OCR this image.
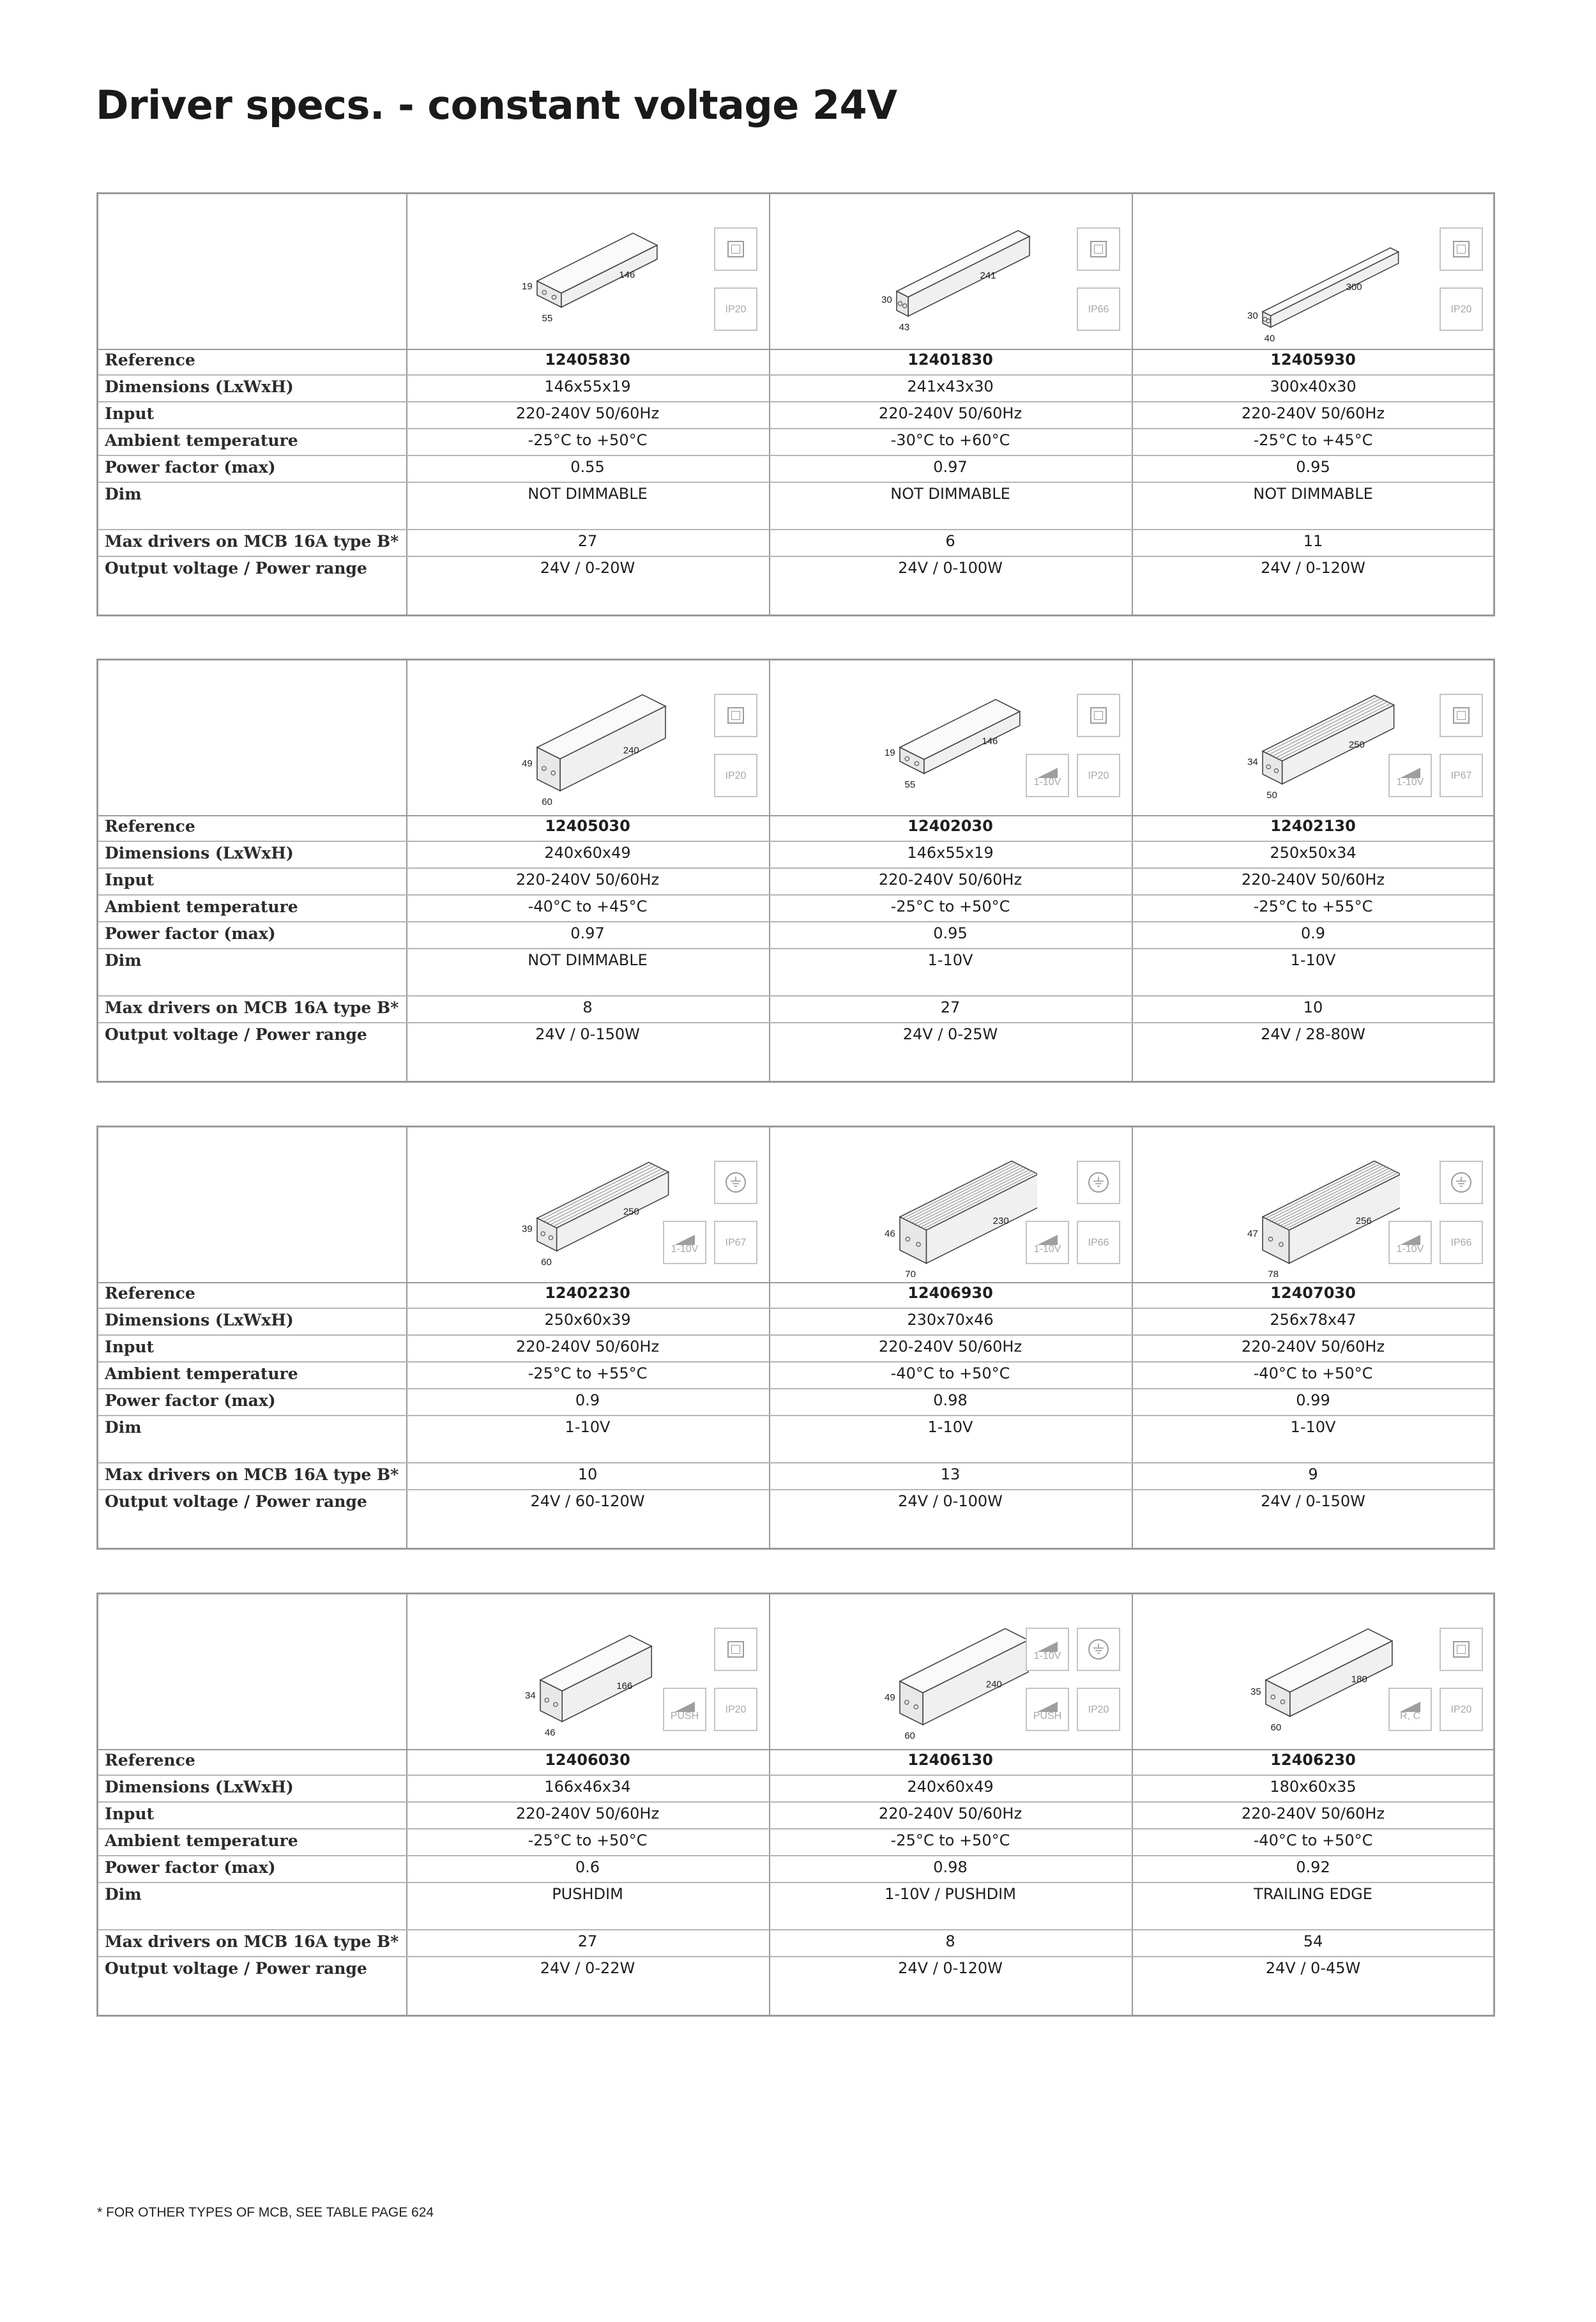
Driver specs. - constant voltage 24V
19
55
146
IP20
30
43
241
IP66
30
40
300
IP20
Reference	12405830	12401830	12405930
Dimensions (LxWxH)	146x55x19	241x43x30	300x40x30
Input	220-240V 50/60Hz	220-240V 50/60Hz	220-240V 50/60Hz
Ambient temperature	-25°C to +50°C	-30°C to +60°C	-25°C to +45°C
Power factor (max)	0.55	0.97	0.95
Dim	NOT DIMMABLE	NOT DIMMABLE	NOT DIMMABLE
Max drivers on MCB 16A type B*	27	6	11
Output voltage / Power range	24V / 0-20W	24V / 0-100W	24V / 0-120W
49
60
240
IP20
19
55
146
IP20
1-10V
34
50
250
IP67
1-10V
Reference	12405030	12402030	12402130
Dimensions (LxWxH)	240x60x49	146x55x19	250x50x34
Input	220-240V 50/60Hz	220-240V 50/60Hz	220-240V 50/60Hz
Ambient temperature	-40°C to +45°C	-25°C to +50°C	-25°C to +55°C
Power factor (max)	0.97	0.95	0.9
Dim	NOT DIMMABLE	1-10V	1-10V
Max drivers on MCB 16A type B*	8	27	10
Output voltage / Power range	24V / 0-150W	24V / 0-25W	24V / 28-80W
39
60
250
IP67
1-10V
46
70
230
IP66
1-10V
47
78
256
IP66
1-10V
Reference	12402230	12406930	12407030
Dimensions (LxWxH)	250x60x39	230x70x46	256x78x47
Input	220-240V 50/60Hz	220-240V 50/60Hz	220-240V 50/60Hz
Ambient temperature	-25°C to +55°C	-40°C to +50°C	-40°C to +50°C
Power factor (max)	0.9	0.98	0.99
Dim	1-10V	1-10V	1-10V
Max drivers on MCB 16A type B*	10	13	9
Output voltage / Power range	24V / 60-120W	24V / 0-100W	24V / 0-150W
34
46
166
IP20
PUSH
49
60
240
IP20
PUSH
1-10V
35
60
180
IP20
R, C
Reference	12406030	12406130	12406230
Dimensions (LxWxH)	166x46x34	240x60x49	180x60x35
Input	220-240V 50/60Hz	220-240V 50/60Hz	220-240V 50/60Hz
Ambient temperature	-25°C to +50°C	-25°C to +50°C	-40°C to +50°C
Power factor (max)	0.6	0.98	0.92
Dim	PUSHDIM	1-10V / PUSHDIM	TRAILING EDGE
Max drivers on MCB 16A type B*	27	8	54
Output voltage / Power range	24V / 0-22W	24V / 0-120W	24V / 0-45W

* FOR OTHER TYPES OF MCB, SEE TABLE PAGE 624
